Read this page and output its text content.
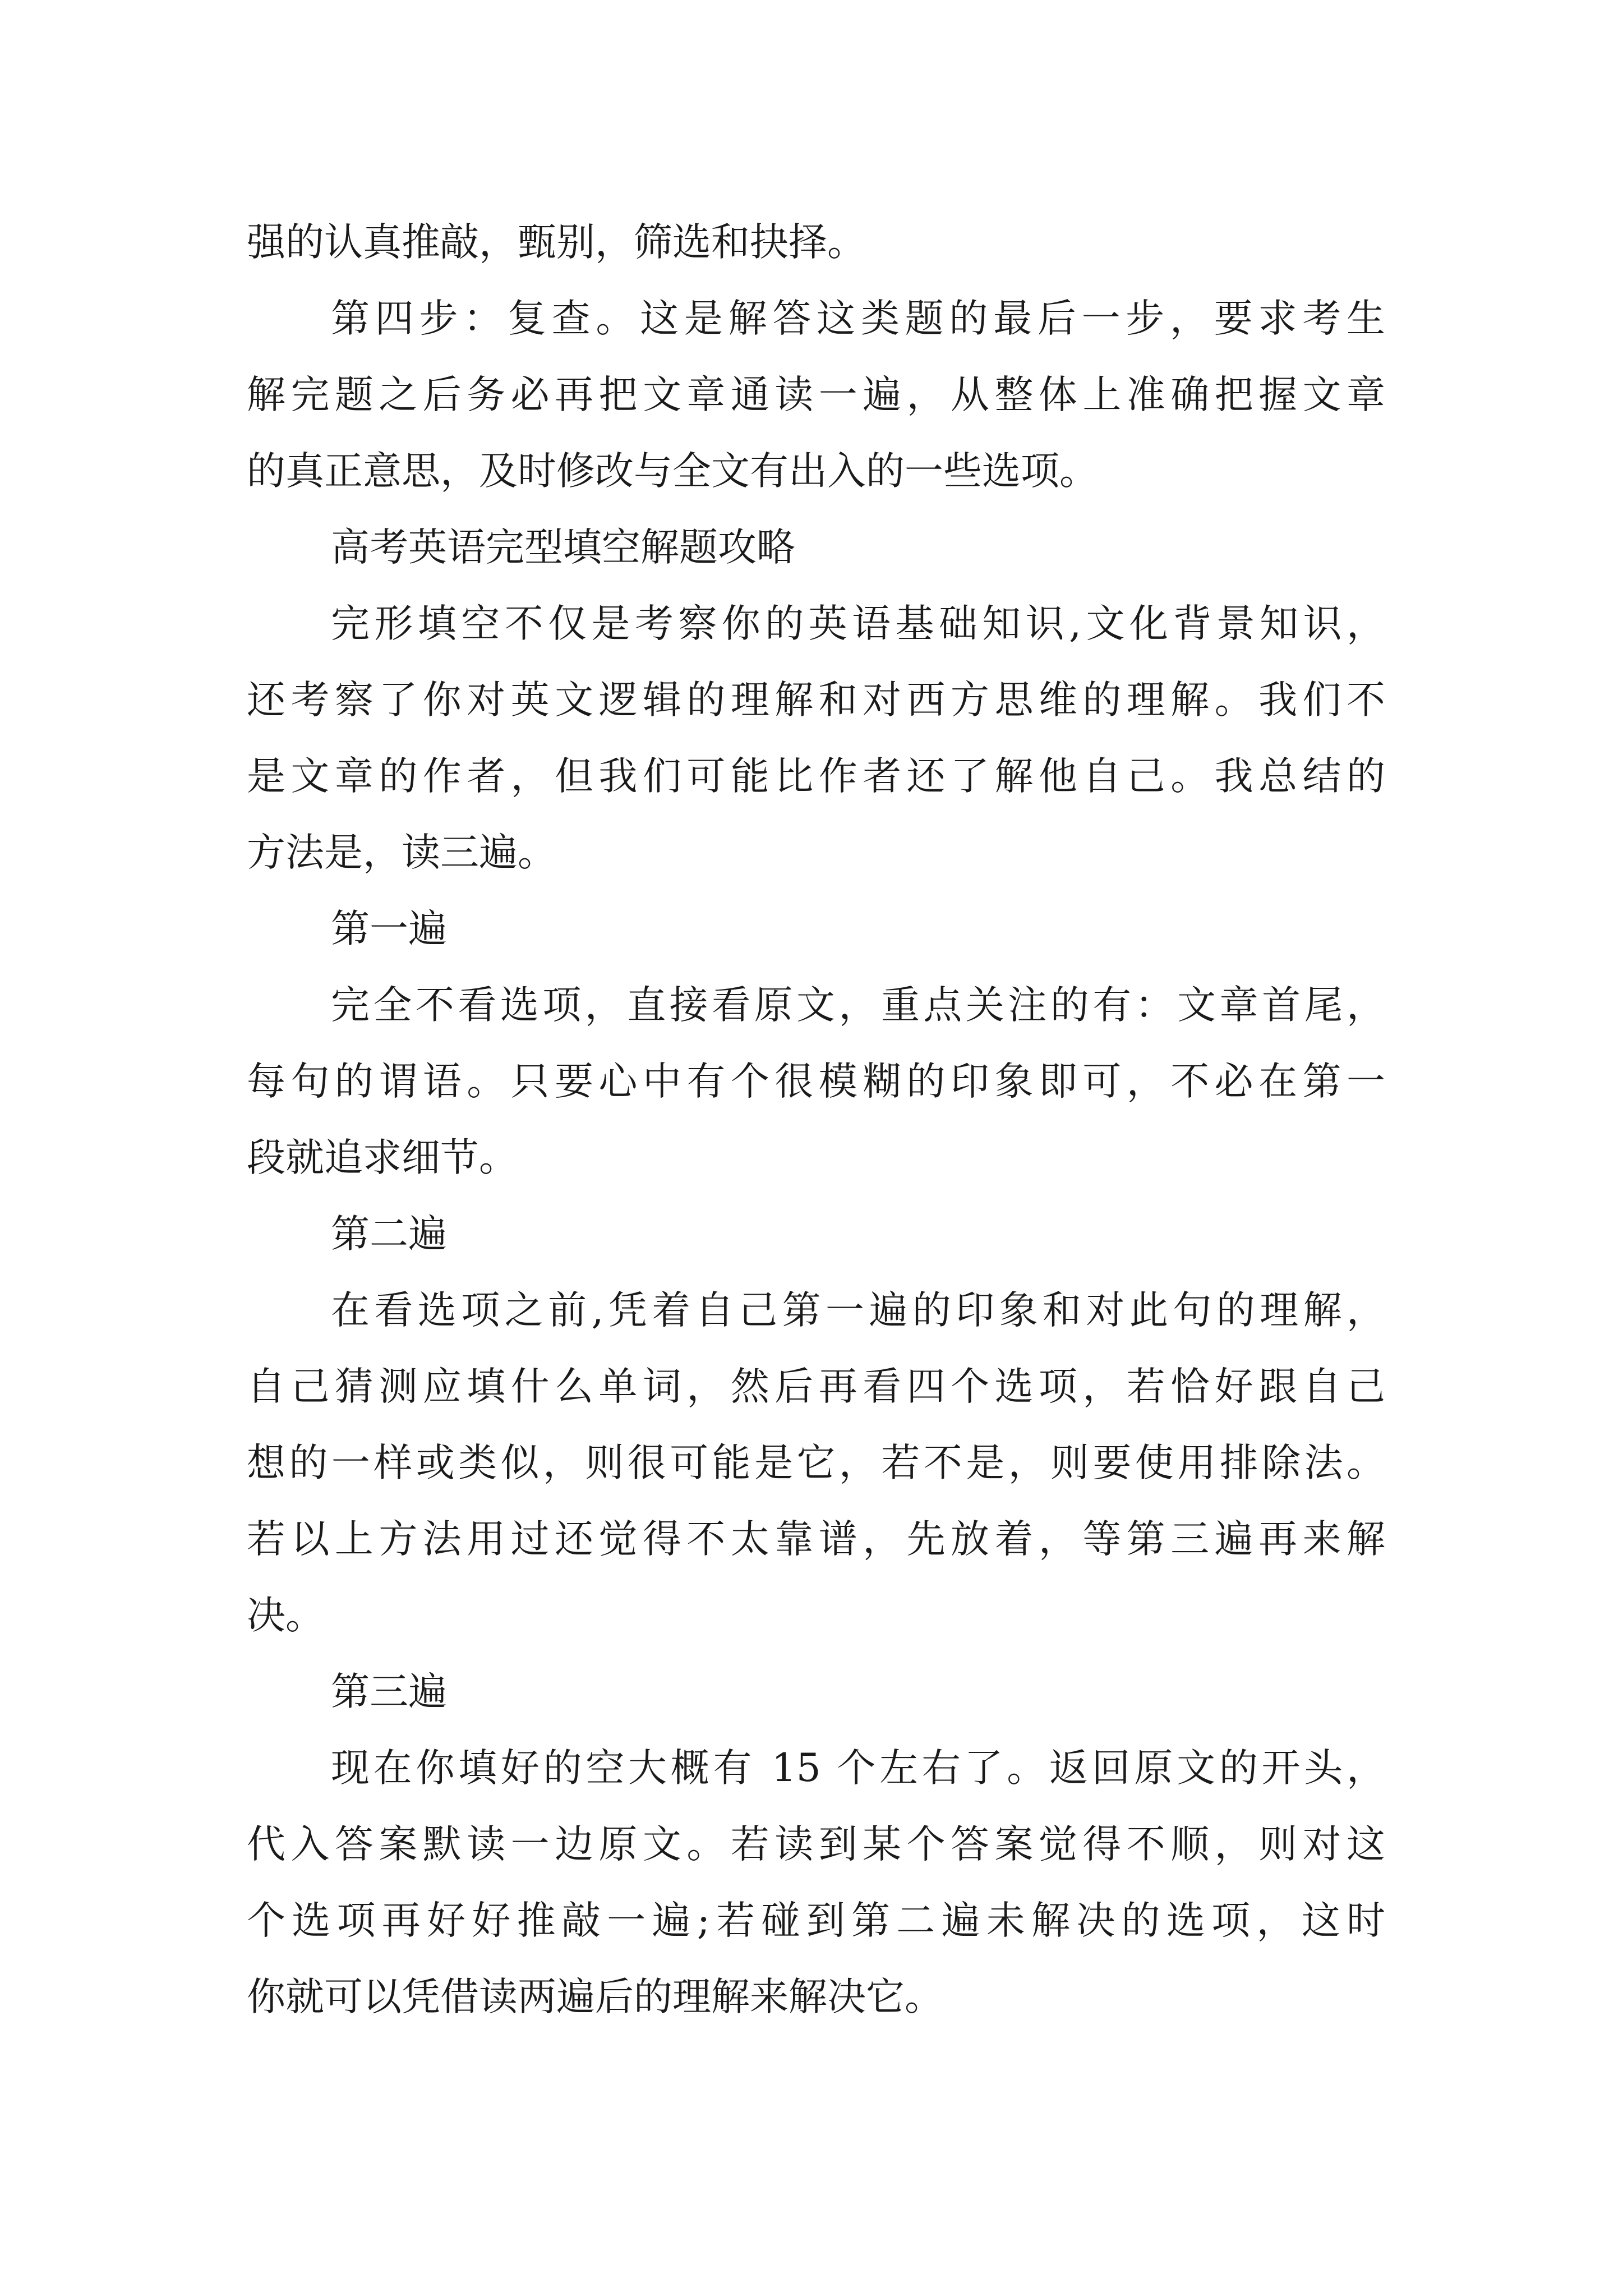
强的认真推敲，甄别，筛选和抉择。
第四步：复查。这是解答这类题的最后一步，要求考生
解完题之后务必再把文章通读一遍，从整体上准确把握文章
的真正意思，及时修改与全文有出入的一些选项。
高考英语完型填空解题攻略
完形填空不仅是考察你的英语基础知识,文化背景知识，
还考察了你对英文逻辑的理解和对西方思维的理解。我们不
是文章的作者，但我们可能比作者还了解他自己。我总结的
方法是，读三遍。
第一遍
完全不看选项，直接看原文，重点关注的有：文章首尾，
每句的谓语。只要心中有个很模糊的印象即可，不必在第一
段就追求细节。
第二遍
在看选项之前,凭着自己第一遍的印象和对此句的理解，
自己猜测应填什么单词，然后再看四个选项，若恰好跟自己
想的一样或类似，则很可能是它，若不是，则要使用排除法。
若以上方法用过还觉得不太靠谱，先放着，等第三遍再来解
决。
第三遍
现在你填好的空大概有 15 个左右了。返回原文的开头，
代入答案默读一边原文。若读到某个答案觉得不顺，则对这
个选项再好好推敲一遍;若碰到第二遍未解决的选项，这时
你就可以凭借读两遍后的理解来解决它。
